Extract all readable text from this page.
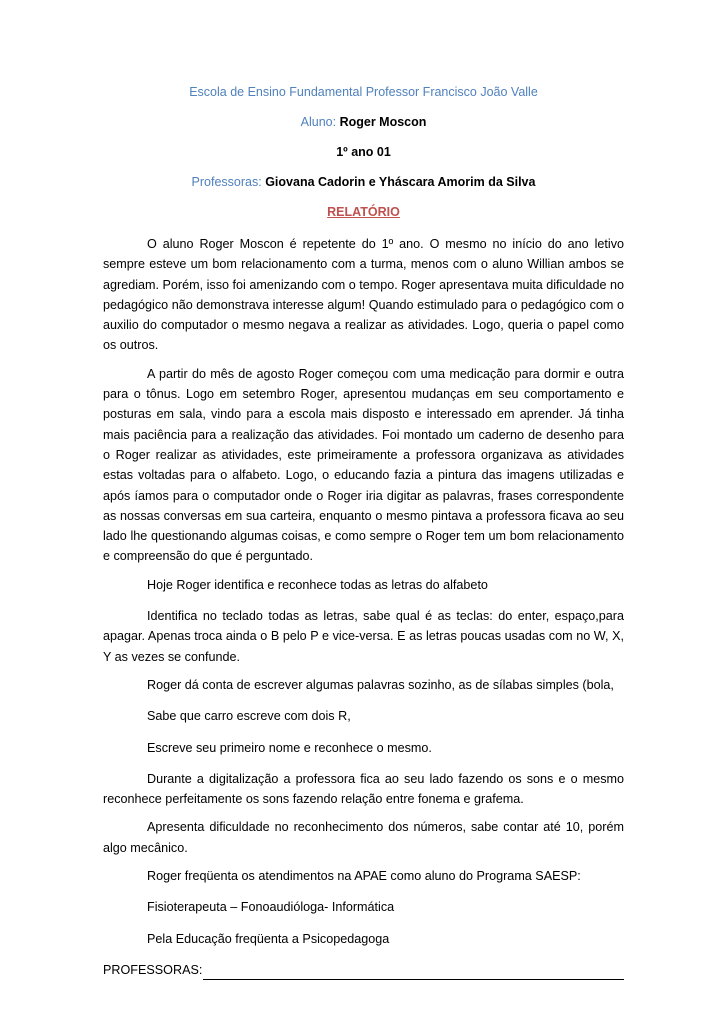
Escola de Ensino Fundamental Professor Francisco João Valle

Aluno: Roger Moscon

1º ano 01

Professoras: Giovana Cadorin e Yháscara Amorim da Silva

RELATÓRIO

O aluno Roger Moscon é repetente do 1º ano. O mesmo no início do ano letivo sempre esteve um bom relacionamento com a turma, menos com o aluno Willian ambos se agrediam. Porém, isso foi amenizando com o tempo. Roger apresentava muita dificuldade no pedagógico não demonstrava interesse algum! Quando estimulado para o pedagógico com o auxilio do computador o mesmo negava a realizar as atividades. Logo, queria o papel como os outros.

A partir do mês de agosto Roger começou com uma medicação para dormir e outra para o tônus. Logo em setembro Roger, apresentou mudanças em seu comportamento e posturas em sala, vindo para a escola mais disposto e interessado em aprender. Já tinha mais paciência para a realização das atividades. Foi montado um caderno de desenho para o Roger realizar as atividades, este primeiramente a professora organizava as atividades estas voltadas para o alfabeto. Logo, o educando fazia a pintura das imagens utilizadas e após íamos para o computador onde o Roger iria digitar as palavras, frases correspondente as nossas conversas em sua carteira, enquanto o mesmo pintava a professora ficava ao seu lado lhe questionando algumas coisas, e como sempre o Roger tem um bom relacionamento e compreensão do que é perguntado.

Hoje Roger identifica e reconhece todas as letras do alfabeto

Identifica no teclado todas as letras, sabe qual é as teclas: do enter, espaço,para apagar. Apenas troca ainda o B pelo P e vice-versa. E as letras poucas usadas com no W, X, Y as vezes se confunde.

Roger dá conta de escrever algumas palavras sozinho, as de sílabas simples (bola,

Sabe que carro escreve com dois R,

Escreve seu primeiro nome e reconhece o mesmo.

Durante a digitalização a professora fica ao seu lado fazendo os sons e o mesmo reconhece perfeitamente os sons fazendo relação entre fonema e grafema.

Apresenta dificuldade no reconhecimento dos números, sabe contar até 10, porém algo mecânico.

Roger freqüenta os atendimentos na APAE como aluno do Programa SAESP:

Fisioterapeuta – Fonoaudióloga- Informática

Pela Educação freqüenta a Psicopedagoga

PROFESSORAS:
